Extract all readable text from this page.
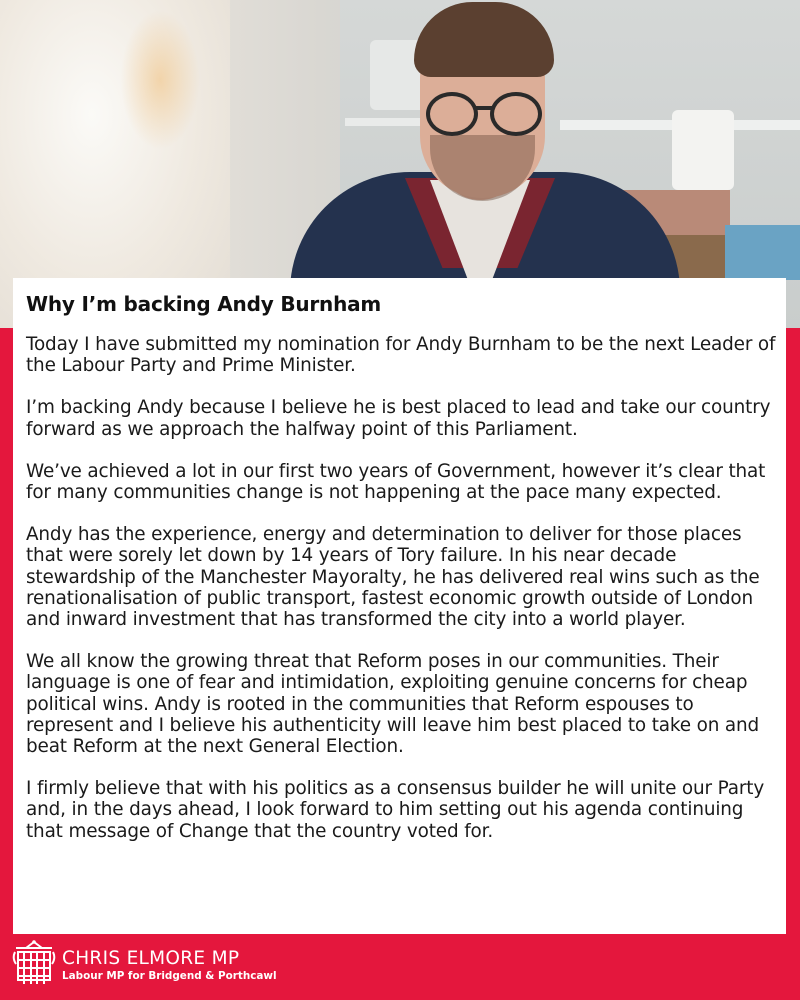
Why I’m backing Andy Burnham

Today I have submitted my nomination for Andy Burnham to be the next Leader of the Labour Party and Prime Minister.

I’m backing Andy because I believe he is best placed to lead and take our country forward as we approach the halfway point of this Parliament.

We’ve achieved a lot in our first two years of Government, however it’s clear that for many communities change is not happening at the pace many expected.

Andy has the experience, energy and determination to deliver for those places that were sorely let down by 14 years of Tory failure. In his near decade stewardship of the Manchester Mayoralty, he has delivered real wins such as the renationalisation of public transport, fastest economic growth outside of London and inward investment that has transformed the city into a world player.

We all know the growing threat that Reform poses in our communities. Their language is one of fear and intimidation, exploiting genuine concerns for cheap political wins. Andy is rooted in the communities that Reform espouses to represent and I believe his authenticity will leave him best placed to take on and beat Reform at the next General Election.

I firmly believe that with his politics as a consensus builder he will unite our Party and, in the days ahead, I look forward to him setting out his agenda continuing that message of Change that the country voted for.

CHRIS ELMORE MP
Labour MP for Bridgend & Porthcawl
